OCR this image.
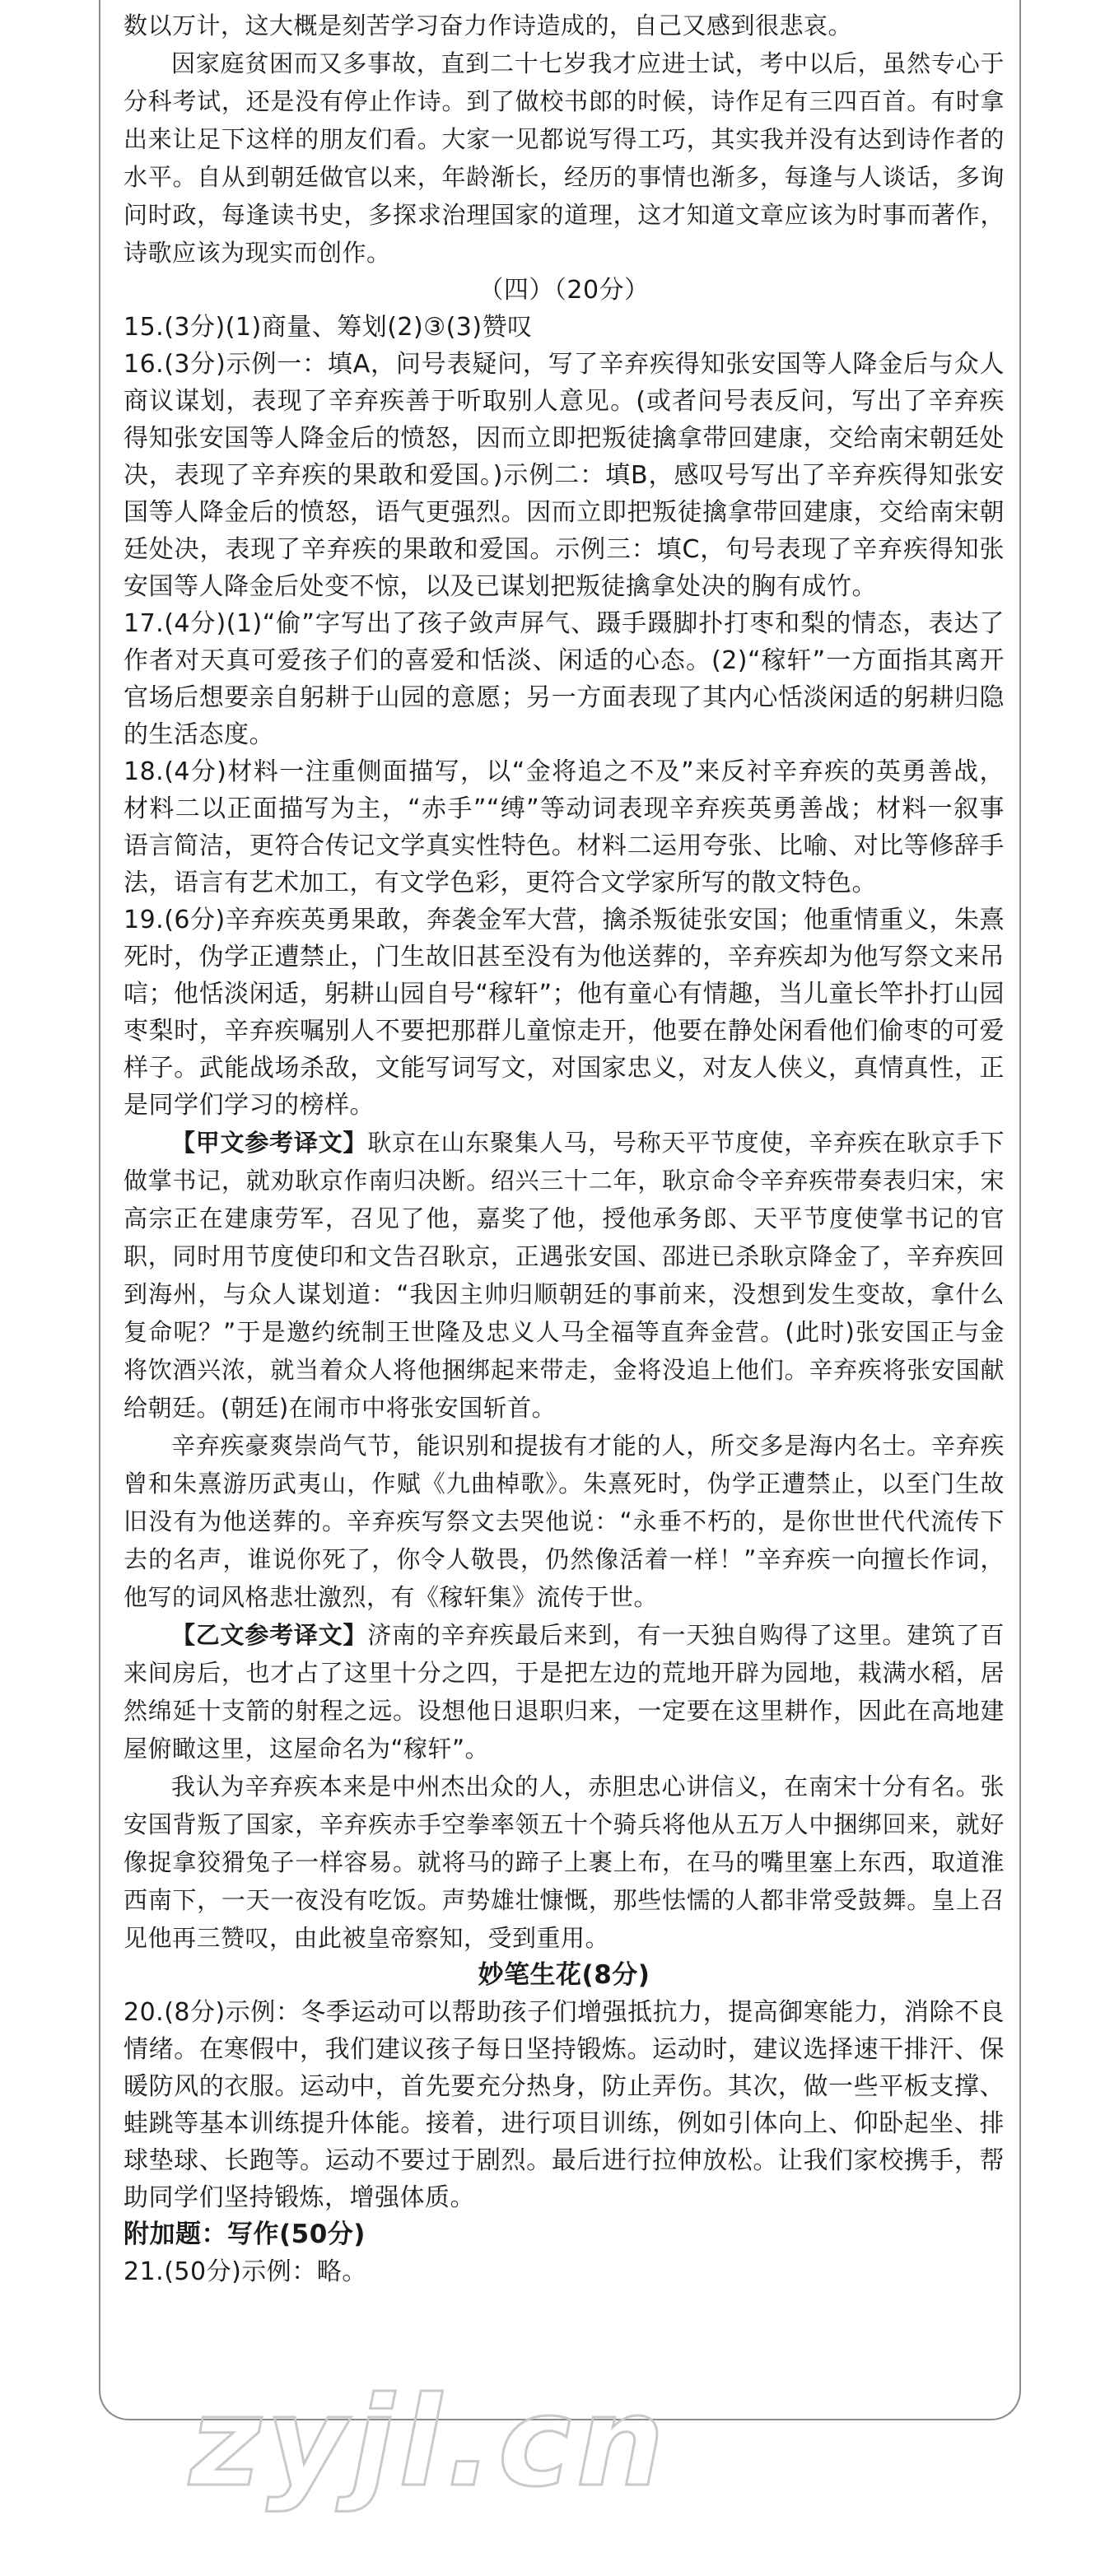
数以万计，这大概是刻苦学习奋力作诗造成的，自己又感到很悲哀。

因家庭贫困而又多事故，直到二十七岁我才应进士试，考中以后，虽然专心于分科考试，还是没有停止作诗。到了做校书郎的时候，诗作足有三四百首。有时拿出来让足下这样的朋友们看。大家一见都说写得工巧，其实我并没有达到诗作者的水平。自从到朝廷做官以来，年龄渐长，经历的事情也渐多，每逢与人谈话，多询问时政，每逢读书史，多探求治理国家的道理，这才知道文章应该为时事而著作，诗歌应该为现实而创作。

（四）（20分）

15.(3分)(1)商量、筹划(2)③(3)赞叹

16.(3分)示例一：填A，问号表疑问，写了辛弃疾得知张安国等人降金后与众人商议谋划，表现了辛弃疾善于听取别人意见。(或者问号表反问，写出了辛弃疾得知张安国等人降金后的愤怒，因而立即把叛徒擒拿带回建康，交给南宋朝廷处决，表现了辛弃疾的果敢和爱国。)示例二：填B，感叹号写出了辛弃疾得知张安国等人降金后的愤怒，语气更强烈。因而立即把叛徒擒拿带回建康，交给南宋朝廷处决，表现了辛弃疾的果敢和爱国。示例三：填C，句号表现了辛弃疾得知张安国等人降金后处变不惊，以及已谋划把叛徒擒拿处决的胸有成竹。

17.(4分)(1)“偷”字写出了孩子敛声屏气、蹑手蹑脚扑打枣和梨的情态，表达了作者对天真可爱孩子们的喜爱和恬淡、闲适的心态。(2)“稼轩”一方面指其离开官场后想要亲自躬耕于山园的意愿；另一方面表现了其内心恬淡闲适的躬耕归隐的生活态度。

18.(4分)材料一注重侧面描写，以“金将追之不及”来反衬辛弃疾的英勇善战，材料二以正面描写为主，“赤手”“缚”等动词表现辛弃疾英勇善战；材料一叙事语言简洁，更符合传记文学真实性特色。材料二运用夸张、比喻、对比等修辞手法，语言有艺术加工，有文学色彩，更符合文学家所写的散文特色。

19.(6分)辛弃疾英勇果敢，奔袭金军大营，擒杀叛徒张安国；他重情重义，朱熹死时，伪学正遭禁止，门生故旧甚至没有为他送葬的，辛弃疾却为他写祭文来吊唁；他恬淡闲适，躬耕山园自号“稼轩”；他有童心有情趣，当儿童长竿扑打山园枣梨时，辛弃疾嘱别人不要把那群儿童惊走开，他要在静处闲看他们偷枣的可爱样子。武能战场杀敌，文能写词写文，对国家忠义，对友人侠义，真情真性，正是同学们学习的榜样。

【甲文参考译文】耿京在山东聚集人马，号称天平节度使，辛弃疾在耿京手下做掌书记，就劝耿京作南归决断。绍兴三十二年，耿京命令辛弃疾带奏表归宋，宋高宗正在建康劳军，召见了他，嘉奖了他，授他承务郎、天平节度使掌书记的官职，同时用节度使印和文告召耿京，正遇张安国、邵进已杀耿京降金了，辛弃疾回到海州，与众人谋划道：“我因主帅归顺朝廷的事前来，没想到发生变故，拿什么复命呢？”于是邀约统制王世隆及忠义人马全福等直奔金营。(此时)张安国正与金将饮酒兴浓，就当着众人将他捆绑起来带走，金将没追上他们。辛弃疾将张安国献给朝廷。(朝廷)在闹市中将张安国斩首。

辛弃疾豪爽崇尚气节，能识别和提拔有才能的人，所交多是海内名士。辛弃疾曾和朱熹游历武夷山，作赋《九曲棹歌》。朱熹死时，伪学正遭禁止，以至门生故旧没有为他送葬的。辛弃疾写祭文去哭他说：“永垂不朽的，是你世世代代流传下去的名声，谁说你死了，你令人敬畏，仍然像活着一样！”辛弃疾一向擅长作词，他写的词风格悲壮激烈，有《稼轩集》流传于世。

【乙文参考译文】济南的辛弃疾最后来到，有一天独自购得了这里。建筑了百来间房后，也才占了这里十分之四，于是把左边的荒地开辟为园地，栽满水稻，居然绵延十支箭的射程之远。设想他日退职归来，一定要在这里耕作，因此在高地建屋俯瞰这里，这屋命名为“稼轩”。

我认为辛弃疾本来是中州杰出众的人，赤胆忠心讲信义，在南宋十分有名。张安国背叛了国家，辛弃疾赤手空拳率领五十个骑兵将他从五万人中捆绑回来，就好像捉拿狡猾兔子一样容易。就将马的蹄子上裹上布，在马的嘴里塞上东西，取道淮西南下，一天一夜没有吃饭。声势雄壮慷慨，那些怯懦的人都非常受鼓舞。皇上召见他再三赞叹，由此被皇帝察知，受到重用。

妙笔生花(8分)

20.(8分)示例：冬季运动可以帮助孩子们增强抵抗力，提高御寒能力，消除不良情绪。在寒假中，我们建议孩子每日坚持锻炼。运动时，建议选择速干排汗、保暖防风的衣服。运动中，首先要充分热身，防止弄伤。其次，做一些平板支撑、蛙跳等基本训练提升体能。接着，进行项目训练，例如引体向上、仰卧起坐、排球垫球、长跑等。运动不要过于剧烈。最后进行拉伸放松。让我们家校携手，帮助同学们坚持锻炼，增强体质。

附加题：写作(50分)

21.(50分)示例：略。

zyjl.cn
